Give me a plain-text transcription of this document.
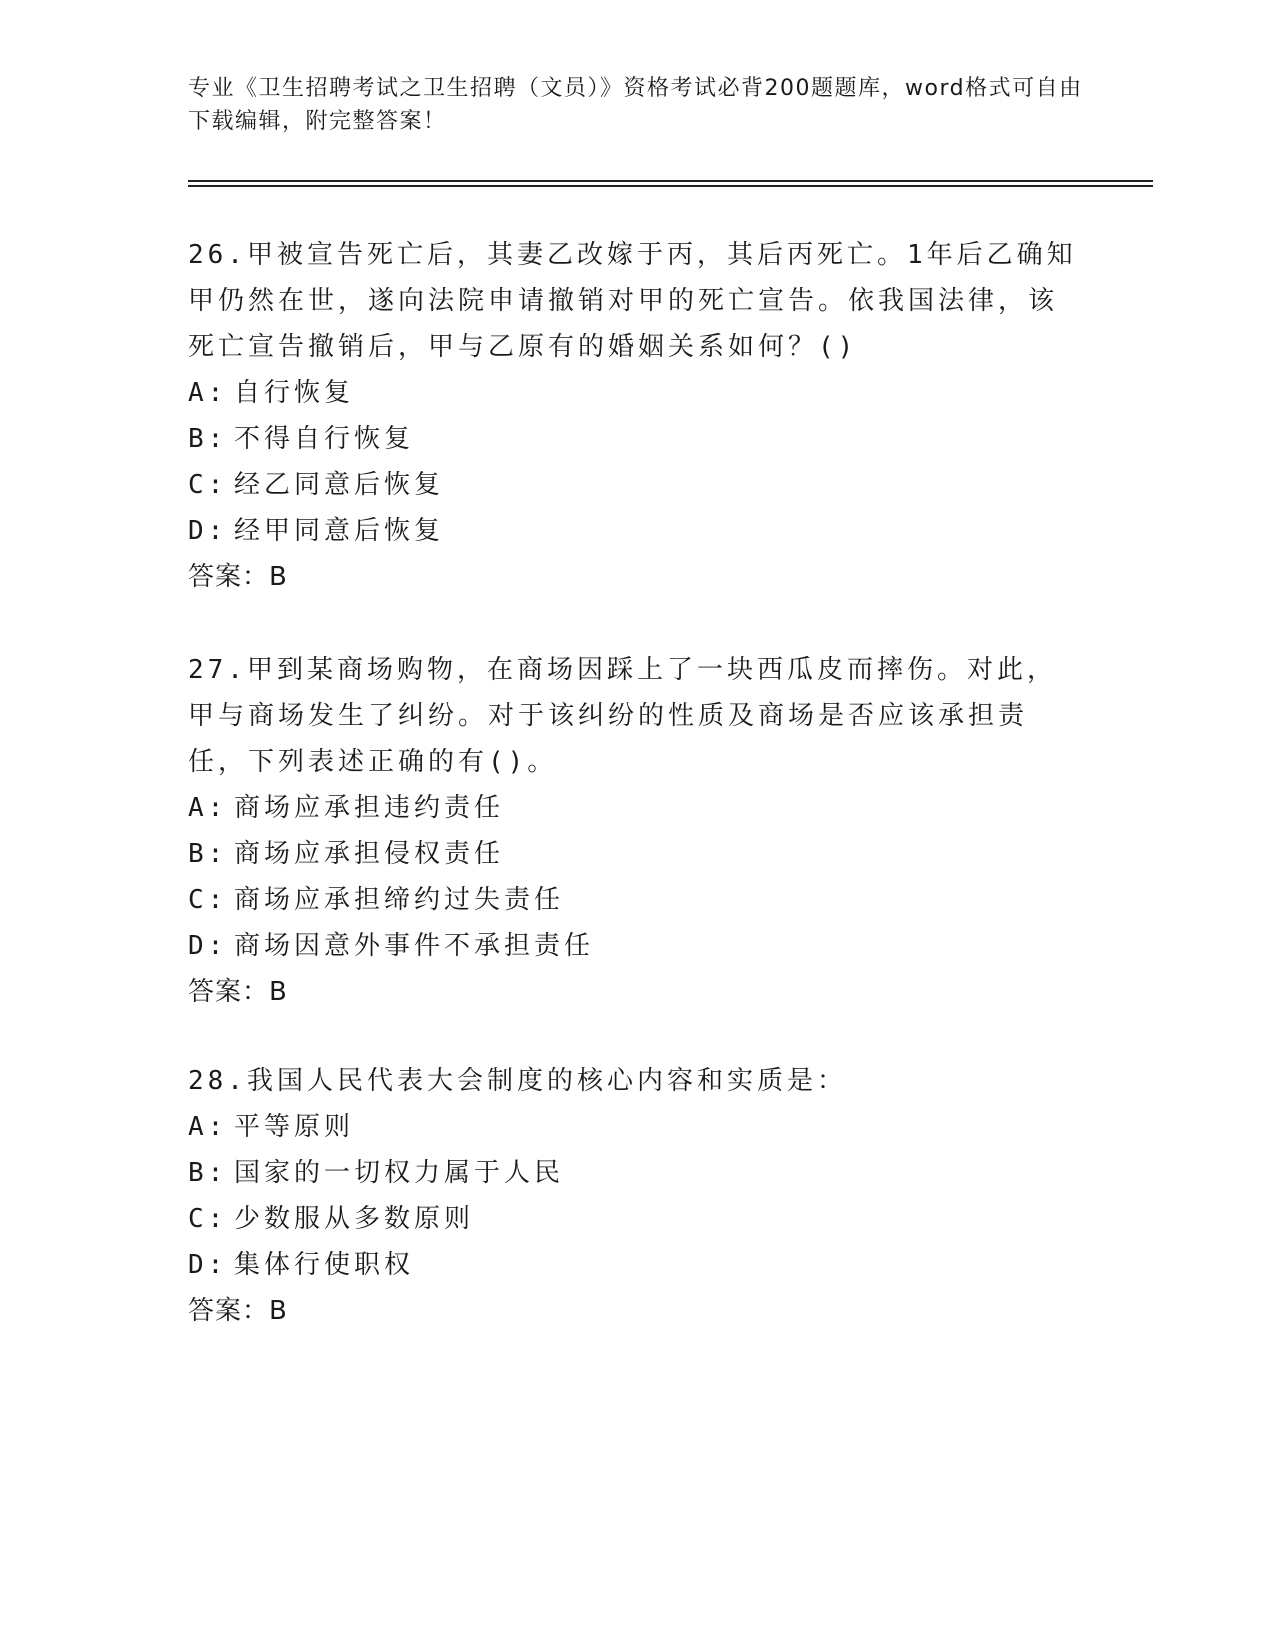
专业《卫生招聘考试之卫生招聘（文员）》资格考试必背200题题库，word格式可自由下载编辑，附完整答案！

26.甲被宣告死亡后，其妻乙改嫁于丙，其后丙死亡。1年后乙确知甲仍然在世，遂向法院申请撤销对甲的死亡宣告。依我国法律，该死亡宣告撤销后，甲与乙原有的婚姻关系如何？()

A: 自行恢复
B: 不得自行恢复
C: 经乙同意后恢复
D: 经甲同意后恢复
答案：B

27.甲到某商场购物，在商场因踩上了一块西瓜皮而摔伤。对此，甲与商场发生了纠纷。对于该纠纷的性质及商场是否应该承担责任，下列表述正确的有()。

A: 商场应承担违约责任
B: 商场应承担侵权责任
C: 商场应承担缔约过失责任
D: 商场因意外事件不承担责任
答案：B

28.我国人民代表大会制度的核心内容和实质是：

A: 平等原则
B: 国家的一切权力属于人民
C: 少数服从多数原则
D: 集体行使职权
答案：B
